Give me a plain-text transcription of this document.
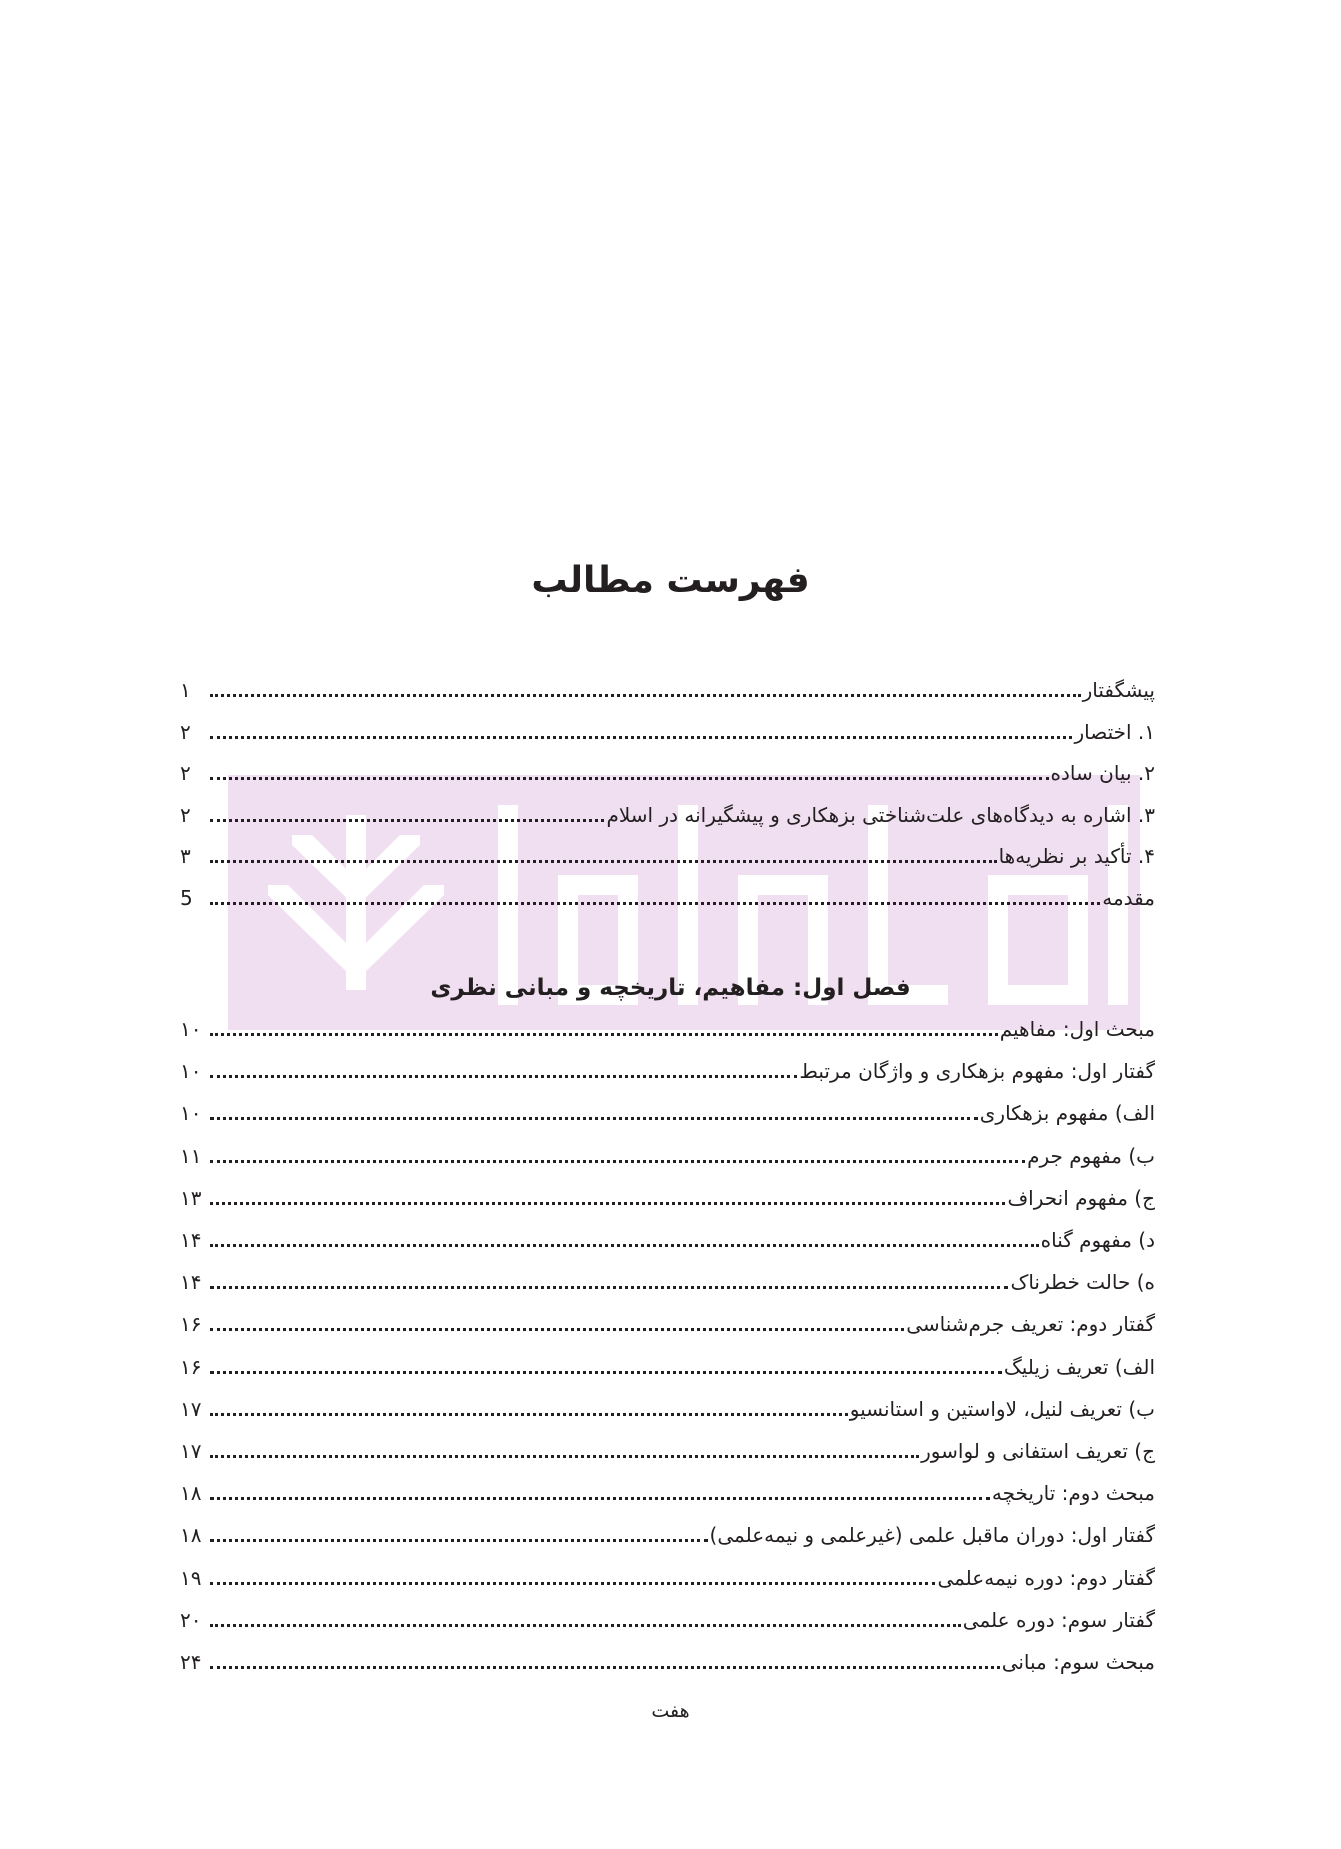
فهرست مطالب
پیشگفتار
۱
۱. اختصار
۲
۲. بیان ساده
۲
۳. اشاره به دیدگاه‌های علت‌شناختی بزهکاری و پیشگیرانه در اسلام
۲
۴. تأکید بر نظریه‌ها
۳
مقدمه
5
فصل اول: مفاهیم، تاریخچه و مبانی نظری
مبحث اول: مفاهیم
۱۰
گفتار اول: مفهوم بزهکاری و واژگان مرتبط
۱۰
الف) مفهوم بزهکاری
۱۰
ب) مفهوم جرم
۱۱
ج) مفهوم انحراف
۱۳
د) مفهوم گناه
۱۴
ه) حالت خطرناک
۱۴
گفتار دوم: تعریف جرم‌شناسی
۱۶
الف) تعریف زیلیگ
۱۶
ب) تعریف لنیل، لاواستین و استانسیو
۱۷
ج) تعریف استفانی و لواسور
۱۷
مبحث دوم: تاریخچه
۱۸
گفتار اول: دوران ماقبل علمی (غیرعلمی و نیمه‌علمی)
۱۸
گفتار دوم: دوره نیمه‌علمی
۱۹
گفتار سوم: دوره علمی
۲۰
مبحث سوم: مبانی
۲۴
هفت
